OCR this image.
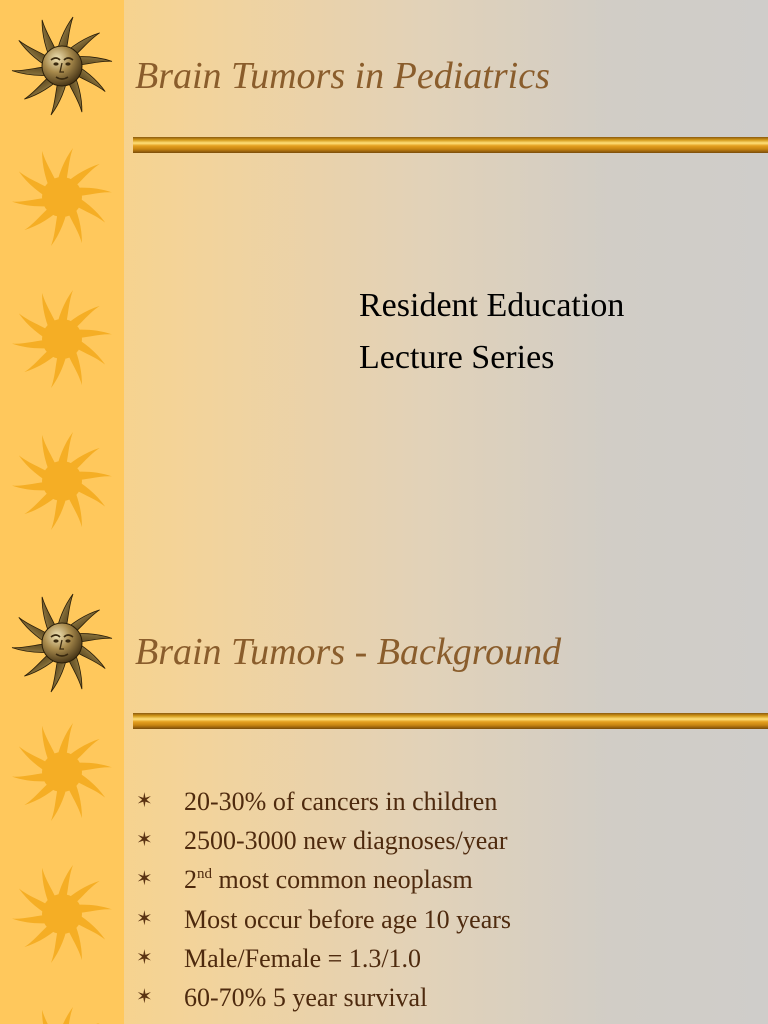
Brain Tumors in Pediatrics
Resident Education
Lecture Series
Brain Tumors - Background
✶ 20-30% of cancers in children
✶ 2500-3000 new diagnoses/year
✶ 2nd most common neoplasm
✶ Most occur before age 10 years
✶ Male/Female = 1.3/1.0
✶ 60-70% 5 year survival
